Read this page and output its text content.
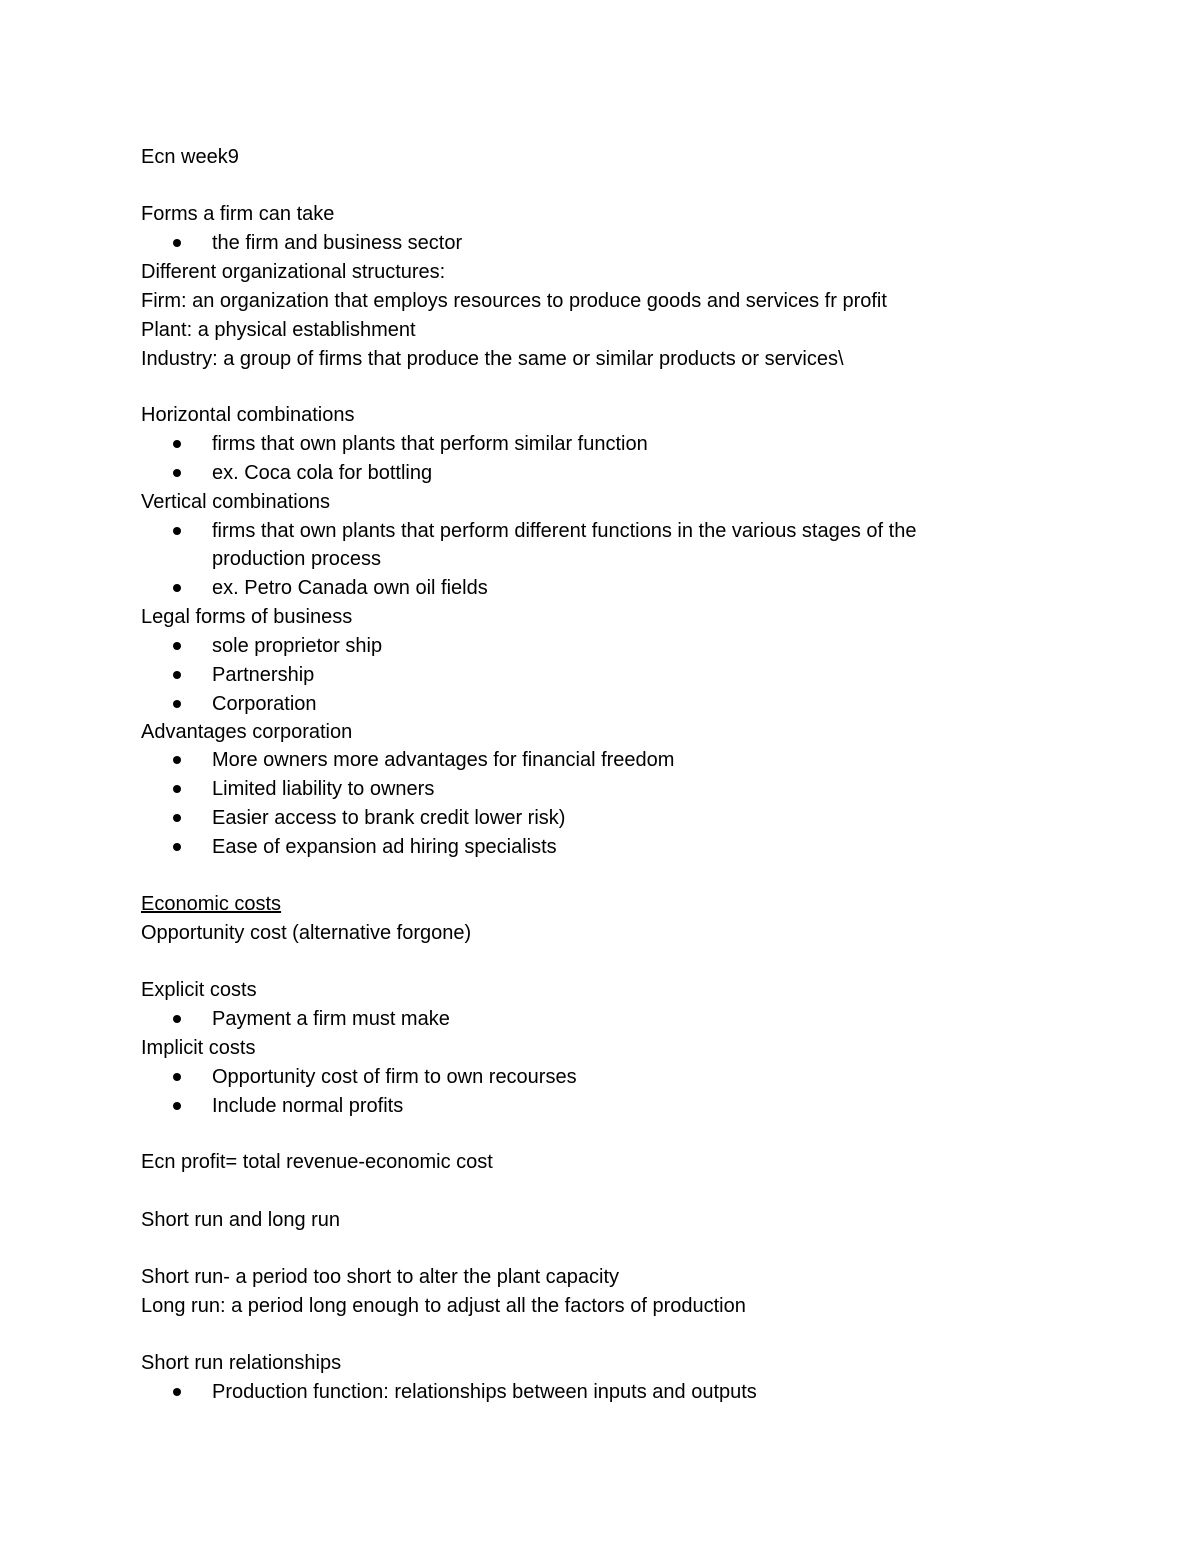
Ecn week9
Forms a firm can take
the firm and business sector
Different organizational structures:
Firm: an organization that employs resources to produce goods and services fr profit
Plant: a physical establishment
Industry: a group of firms that produce the same or similar products or services\
Horizontal combinations
firms that own plants that perform similar function
ex. Coca cola for bottling
Vertical combinations
firms that own plants that perform different functions in the various stages of the production process
ex. Petro Canada own oil fields
Legal forms of business
sole proprietor ship
Partnership
Corporation
Advantages corporation
More owners more advantages for financial freedom
Limited liability to owners
Easier access to brank credit lower risk)
Ease of expansion ad hiring specialists
Economic costs
Opportunity cost (alternative forgone)
Explicit costs
Payment a firm must make
Implicit costs
Opportunity cost of firm to own recourses
Include normal profits
Ecn profit= total revenue-economic cost
Short run and long run
Short run- a period too short to alter the plant capacity
Long run: a period long enough to adjust all the factors of production
Short run relationships
Production function: relationships between inputs and outputs
